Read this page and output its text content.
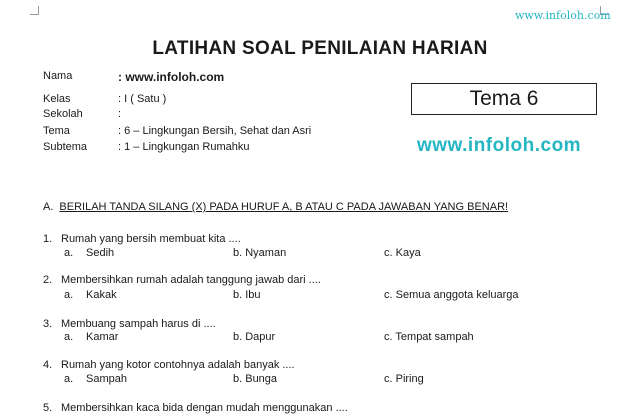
www.infoloh.com
LATIHAN SOAL PENILAIAN HARIAN
Nama	: www.infoloh.com
Kelas	: I ( Satu )
Sekolah	:
Tema	: 6 – Lingkungan Bersih, Sehat dan Asri
Subtema	: 1 – Lingkungan Rumahku
Tema 6
www.infoloh.com
A. BERILAH TANDA SILANG (X) PADA HURUF A, B ATAU C PADA JAWABAN YANG BENAR!
1. Rumah yang bersih membuat kita ....
a. Sedih	b. Nyaman	c. Kaya
2. Membersihkan rumah adalah tanggung jawab dari ....
a. Kakak	b. Ibu	c. Semua anggota keluarga
3. Membuang sampah harus di ....
a. Kamar	b. Dapur	c. Tempat sampah
4. Rumah yang kotor contohnya adalah banyak ....
a. Sampah	b. Bunga	c. Piring
5. Membersihkan kaca bida dengan mudah menggunakan ....
